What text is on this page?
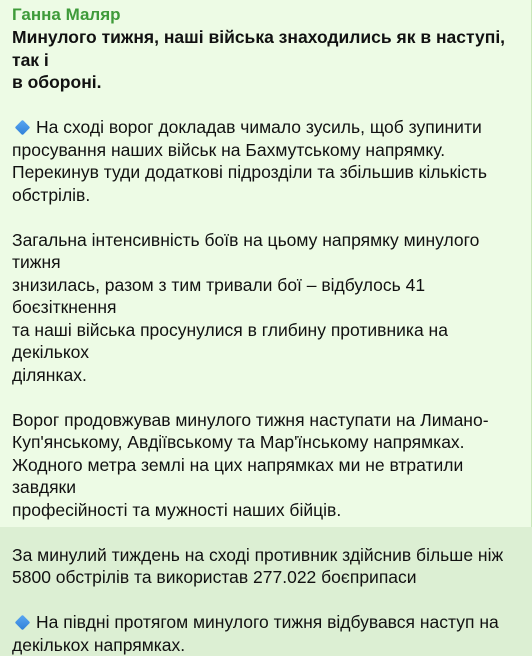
Ганна Маляр
Минулого тижня, наші війська знаходились як в наступі, так і
в обороні.
На сході ворог докладав чимало зусиль, щоб зупинити
просування наших військ на Бахмутському напрямку.
Перекинув туди додаткові підрозділи та збільшив кількість
обстрілів.
Загальна інтенсивність боїв на цьому напрямку минулого тижня
знизилась, разом з тим тривали бої – відбулось 41 боєзіткнення
та наші війська просунулися в глибину противника на декількох
ділянках.
Ворог продовжував минулого тижня наступати на Лимано-
Куп'янському, Авдіївському та Мар'їнському напрямках.
Жодного метра землі на цих напрямках ми не втратили завдяки
професійності та мужності наших бійців.
За минулий тиждень на сході противник здійснив більше ніж
5800 обстрілів та використав 277.022 боєприпаси
На півдні протягом минулого тижня відбувався наступ на
декількох напрямках.
